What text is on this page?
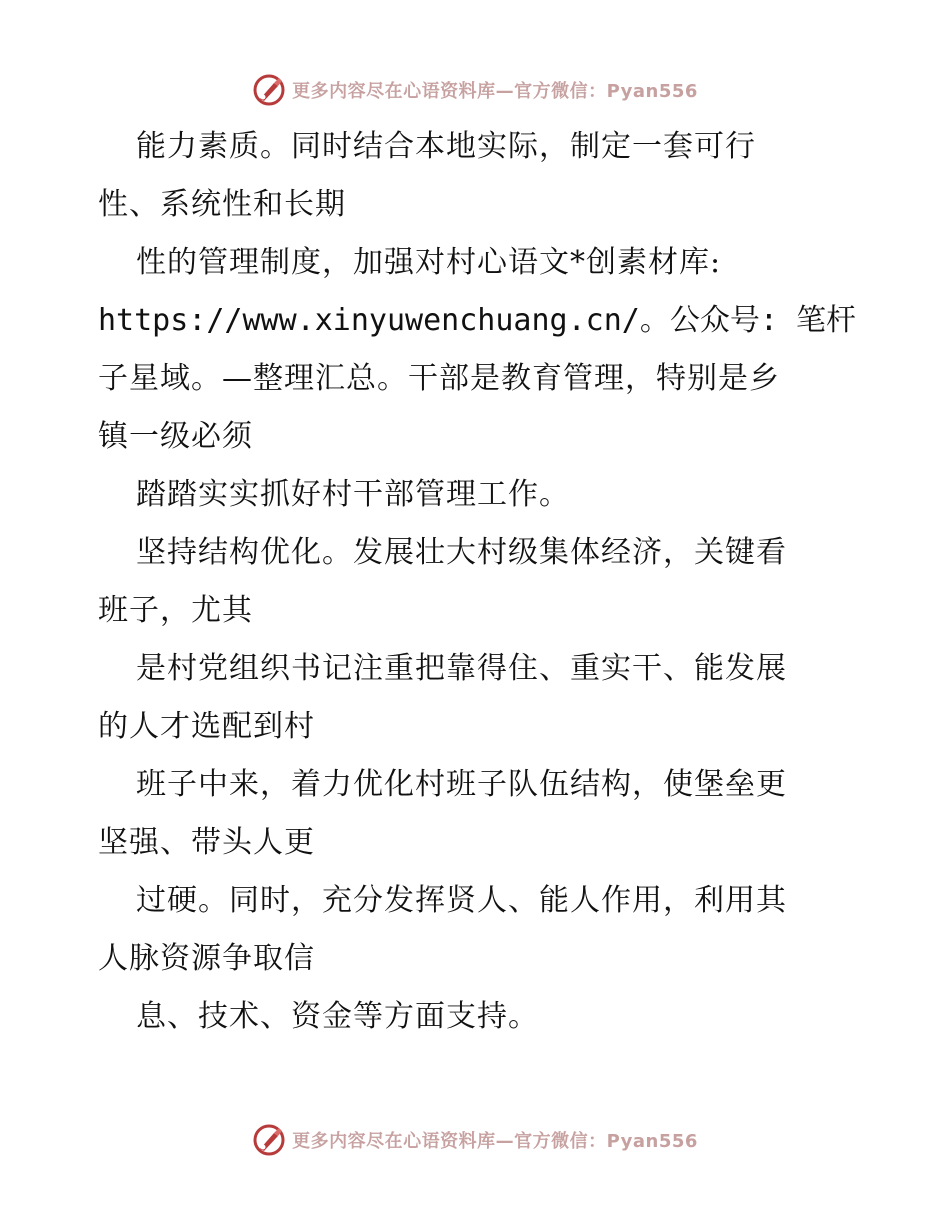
更多内容尽在心语资料库—官方微信：Pyan556
能力素质。同时结合本地实际，制定一套可行
性、系统性和长期
性的管理制度，加强对村心语文*创素材库:
https://www.xinyuwenchuang.cn/。公众号: 笔杆
子星域。—整理汇总。干部是教育管理，特别是乡
镇一级必须
踏踏实实抓好村干部管理工作。
坚持结构优化。发展壮大村级集体经济，关键看
班子，尤其
是村党组织书记注重把靠得住、重实干、能发展
的人才选配到村
班子中来，着力优化村班子队伍结构，使堡垒更
坚强、带头人更
过硬。同时，充分发挥贤人、能人作用，利用其
人脉资源争取信
息、技术、资金等方面支持。
更多内容尽在心语资料库—官方微信：Pyan556
